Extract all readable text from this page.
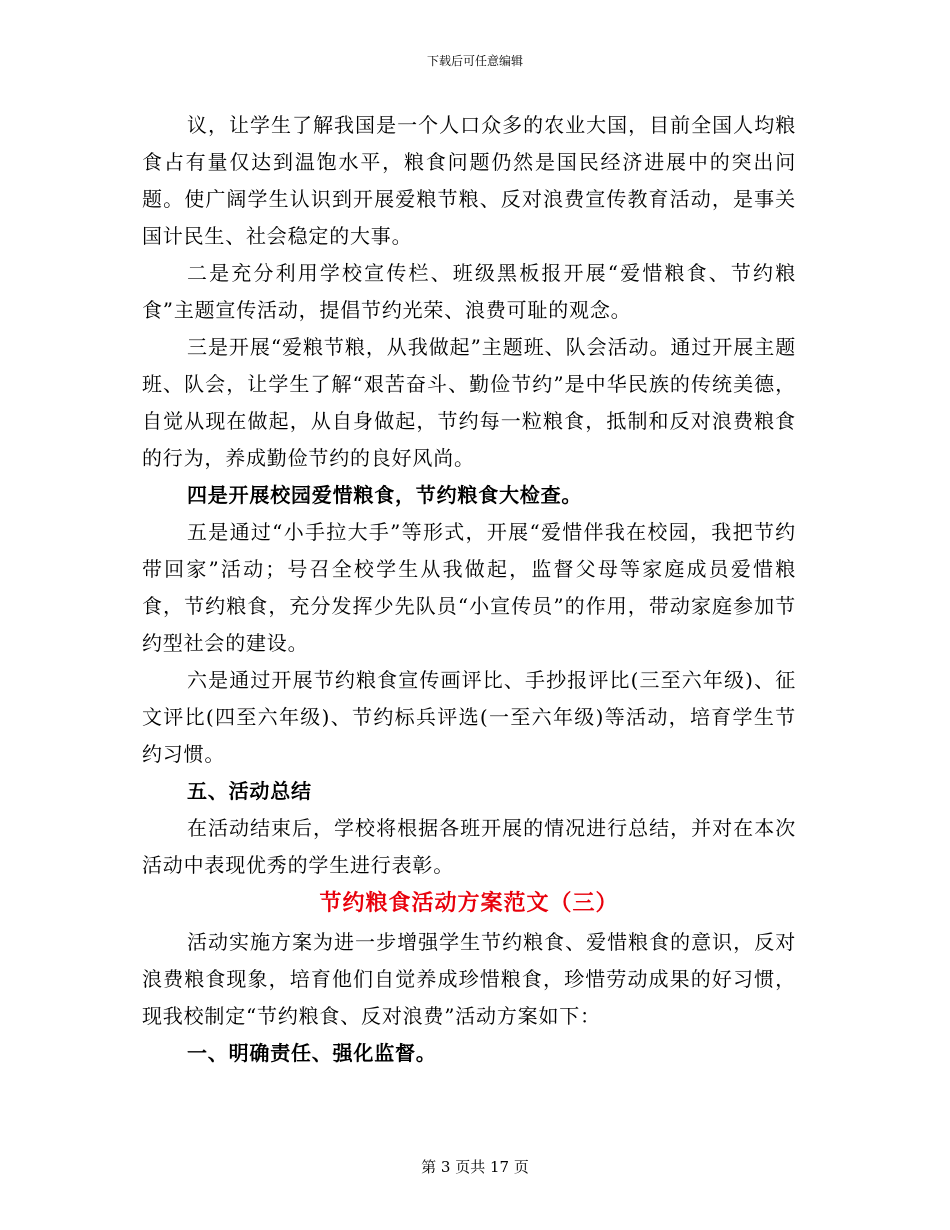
下载后可任意编辑

议，让学生了解我国是一个人口众多的农业大国，目前全国人均粮食占有量仅达到温饱水平，粮食问题仍然是国民经济进展中的突出问题。使广阔学生认识到开展爱粮节粮、反对浪费宣传教育活动，是事关国计民生、社会稳定的大事。

二是充分利用学校宣传栏、班级黑板报开展“爱惜粮食、节约粮食”主题宣传活动，提倡节约光荣、浪费可耻的观念。

三是开展“爱粮节粮，从我做起”主题班、队会活动。通过开展主题班、队会，让学生了解“艰苦奋斗、勤俭节约”是中华民族的传统美德，自觉从现在做起，从自身做起，节约每一粒粮食，抵制和反对浪费粮食的行为，养成勤俭节约的良好风尚。

四是开展校园爱惜粮食，节约粮食大检查。

五是通过“小手拉大手”等形式，开展“爱惜伴我在校园，我把节约带回家”活动；号召全校学生从我做起，监督父母等家庭成员爱惜粮食，节约粮食，充分发挥少先队员“小宣传员”的作用，带动家庭参加节约型社会的建设。

六是通过开展节约粮食宣传画评比、手抄报评比(三至六年级)、征文评比(四至六年级)、节约标兵评选(一至六年级)等活动，培育学生节约习惯。

五、活动总结

在活动结束后，学校将根据各班开展的情况进行总结，并对在本次活动中表现优秀的学生进行表彰。

节约粮食活动方案范文（三）

活动实施方案为进一步增强学生节约粮食、爱惜粮食的意识，反对浪费粮食现象，培育他们自觉养成珍惜粮食，珍惜劳动成果的好习惯，现我校制定“节约粮食、反对浪费”活动方案如下：

一、明确责任、强化监督。

第 3 页共 17 页
